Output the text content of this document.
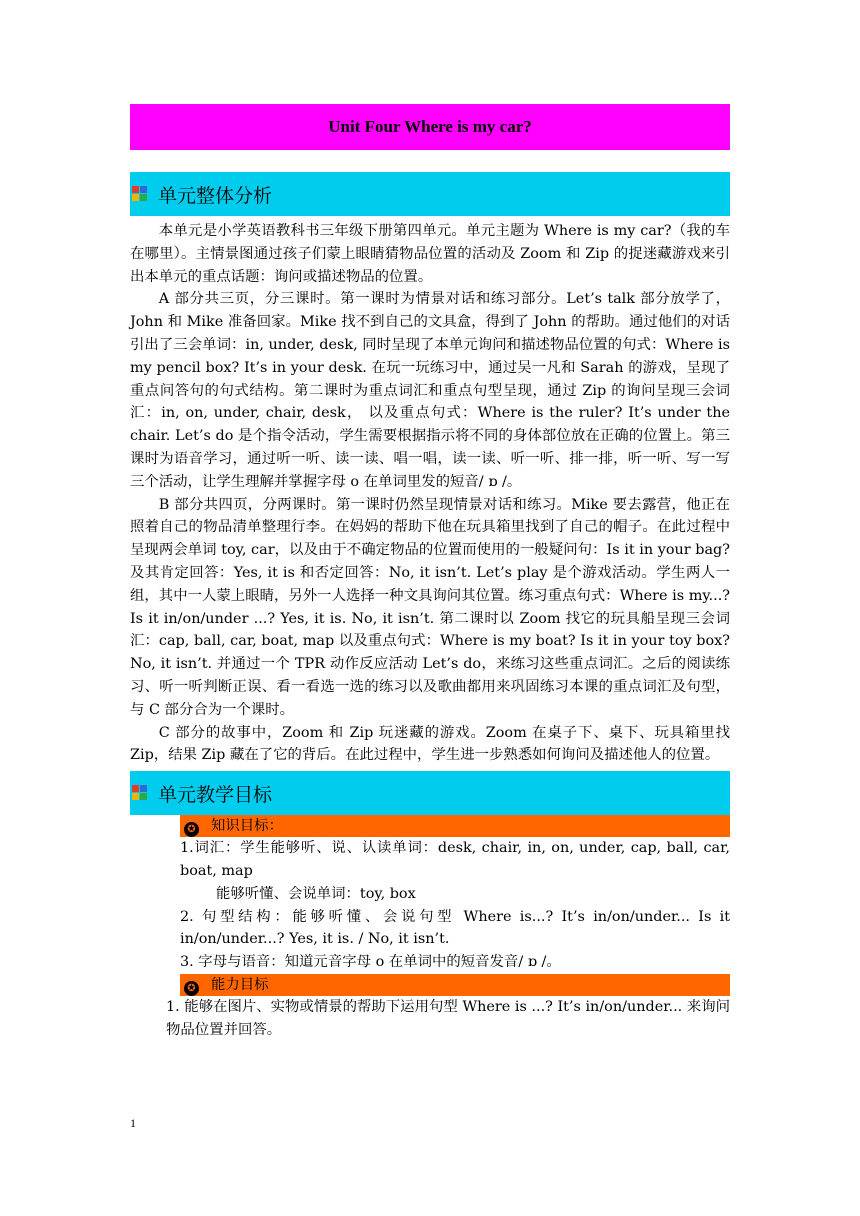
Unit Four Where is my car?
单元整体分析

本单元是小学英语教科书三年级下册第四单元。单元主题为 Where is my car?（我的车在哪里）。主情景图通过孩子们蒙上眼睛猜物品位置的活动及 Zoom 和 Zip 的捉迷藏游戏来引出本单元的重点话题：询问或描述物品的位置。

A 部分共三页，分三课时。第一课时为情景对话和练习部分。Let’s talk 部分放学了，John 和 Mike 准备回家。Mike 找不到自己的文具盒，得到了 John 的帮助。通过他们的对话引出了三会单词：in, under, desk, 同时呈现了本单元询问和描述物品位置的句式：Where is my pencil box? It’s in your desk. 在玩一玩练习中，通过吴一凡和 Sarah 的游戏，呈现了重点问答句的句式结构。第二课时为重点词汇和重点句型呈现，通过 Zip 的询问呈现三会词汇：in, on, under, chair, desk， 以及重点句式：Where is the ruler? It’s under the chair. Let’s do 是个指令活动，学生需要根据指示将不同的身体部位放在正确的位置上。第三课时为语音学习，通过听一听、读一读、唱一唱，读一读、听一听、排一排，听一听、写一写三个活动，让学生理解并掌握字母 o 在单词里发的短音/ ɒ /。

B 部分共四页，分两课时。第一课时仍然呈现情景对话和练习。Mike 要去露营，他正在照着自己的物品清单整理行李。在妈妈的帮助下他在玩具箱里找到了自己的帽子。在此过程中呈现两会单词 toy, car，以及由于不确定物品的位置而使用的一般疑问句：Is it in your bag? 及其肯定回答：Yes, it is 和否定回答：No, it isn’t. Let’s play 是个游戏活动。学生两人一组，其中一人蒙上眼睛，另外一人选择一种文具询问其位置。练习重点句式：Where is my...? Is it in/on/under ...? Yes, it is. No, it isn’t. 第二课时以 Zoom 找它的玩具船呈现三会词汇：cap, ball, car, boat, map 以及重点句式：Where is my boat? Is it in your toy box? No, it isn’t. 并通过一个 TPR 动作反应活动 Let’s do，来练习这些重点词汇。之后的阅读练习、听一听判断正误、看一看选一选的练习以及歌曲都用来巩固练习本课的重点词汇及句型，与 C 部分合为一个课时。

C 部分的故事中，Zoom 和 Zip 玩迷藏的游戏。Zoom 在桌子下、桌下、玩具箱里找 Zip，结果 Zip 藏在了它的背后。在此过程中，学生进一步熟悉如何询问及描述他人的位置。

单元教学目标
✪ 知识目标：

1.词汇：学生能够听、说、认读单词：desk, chair, in, on, under, cap, ball, car, boat, map

能够听懂、会说单词：toy, box

2. 句型结构：能够听懂、会说句型 Where is...? It’s in/on/under... Is it in/on/under...? Yes, it is. / No, it isn’t.

3. 字母与语音：知道元音字母 o 在单词中的短音发音/ ɒ /。

✪ 能力目标

1. 能够在图片、实物或情景的帮助下运用句型 Where is ...? It’s in/on/under... 来询问物品位置并回答。

1
